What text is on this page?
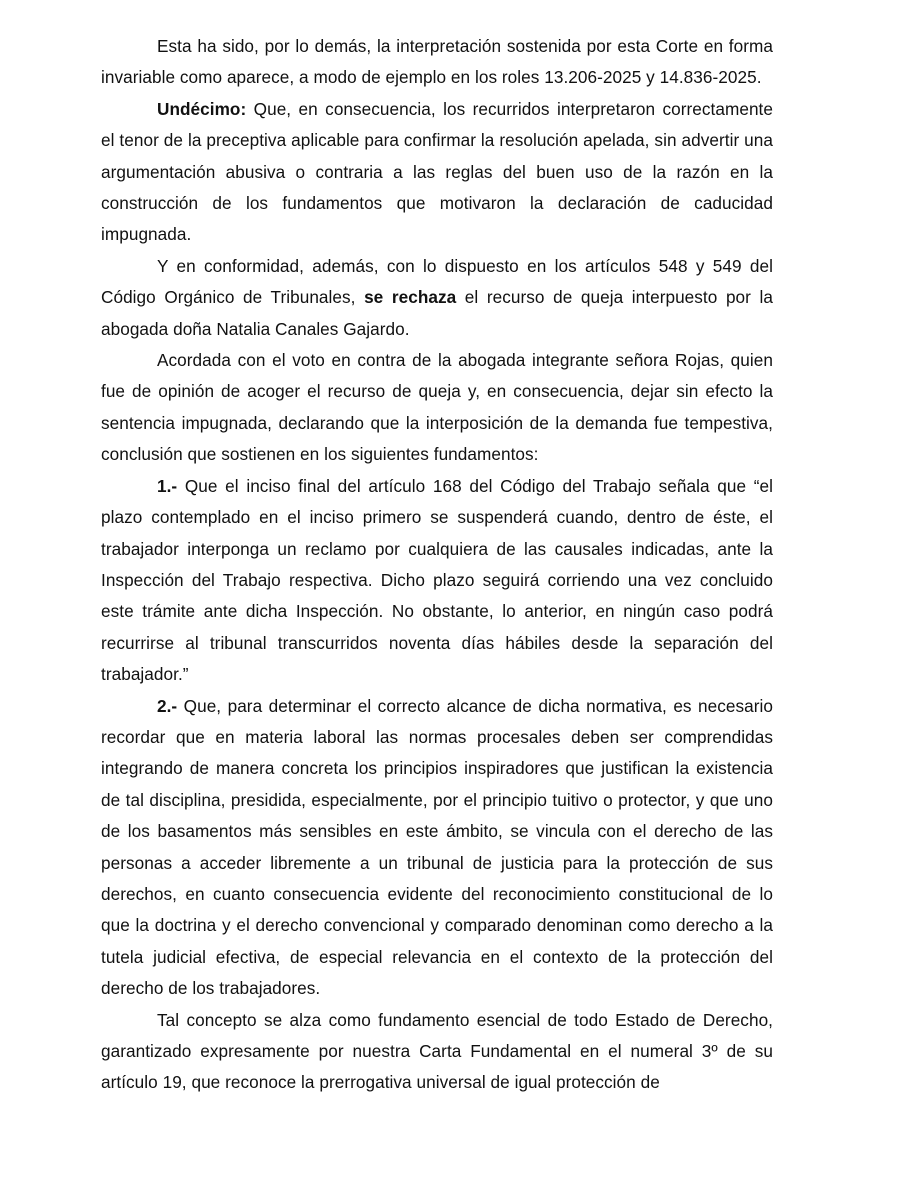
Esta ha sido, por lo demás, la interpretación sostenida por esta Corte en forma invariable como aparece, a modo de ejemplo en los roles 13.206-2025 y 14.836-2025.

Undécimo: Que, en consecuencia, los recurridos interpretaron correctamente el tenor de la preceptiva aplicable para confirmar la resolución apelada, sin advertir una argumentación abusiva o contraria a las reglas del buen uso de la razón en la construcción de los fundamentos que motivaron la declaración de caducidad impugnada.

Y en conformidad, además, con lo dispuesto en los artículos 548 y 549 del Código Orgánico de Tribunales, se rechaza el recurso de queja interpuesto por la abogada doña Natalia Canales Gajardo.

Acordada con el voto en contra de la abogada integrante señora Rojas, quien fue de opinión de acoger el recurso de queja y, en consecuencia, dejar sin efecto la sentencia impugnada, declarando que la interposición de la demanda fue tempestiva, conclusión que sostienen en los siguientes fundamentos:

1.- Que el inciso final del artículo 168 del Código del Trabajo señala que “el plazo contemplado en el inciso primero se suspenderá cuando, dentro de éste, el trabajador interponga un reclamo por cualquiera de las causales indicadas, ante la Inspección del Trabajo respectiva. Dicho plazo seguirá corriendo una vez concluido este trámite ante dicha Inspección. No obstante, lo anterior, en ningún caso podrá recurrirse al tribunal transcurridos noventa días hábiles desde la separación del trabajador.”

2.- Que, para determinar el correcto alcance de dicha normativa, es necesario recordar que en materia laboral las normas procesales deben ser comprendidas integrando de manera concreta los principios inspiradores que justifican la existencia de tal disciplina, presidida, especialmente, por el principio tuitivo o protector, y que uno de los basamentos más sensibles en este ámbito, se vincula con el derecho de las personas a acceder libremente a un tribunal de justicia para la protección de sus derechos, en cuanto consecuencia evidente del reconocimiento constitucional de lo que la doctrina y el derecho convencional y comparado denominan como derecho a la tutela judicial efectiva, de especial relevancia en el contexto de la protección del derecho de los trabajadores.

Tal concepto se alza como fundamento esencial de todo Estado de Derecho, garantizado expresamente por nuestra Carta Fundamental en el numeral 3º de su artículo 19, que reconoce la prerrogativa universal de igual protección de
